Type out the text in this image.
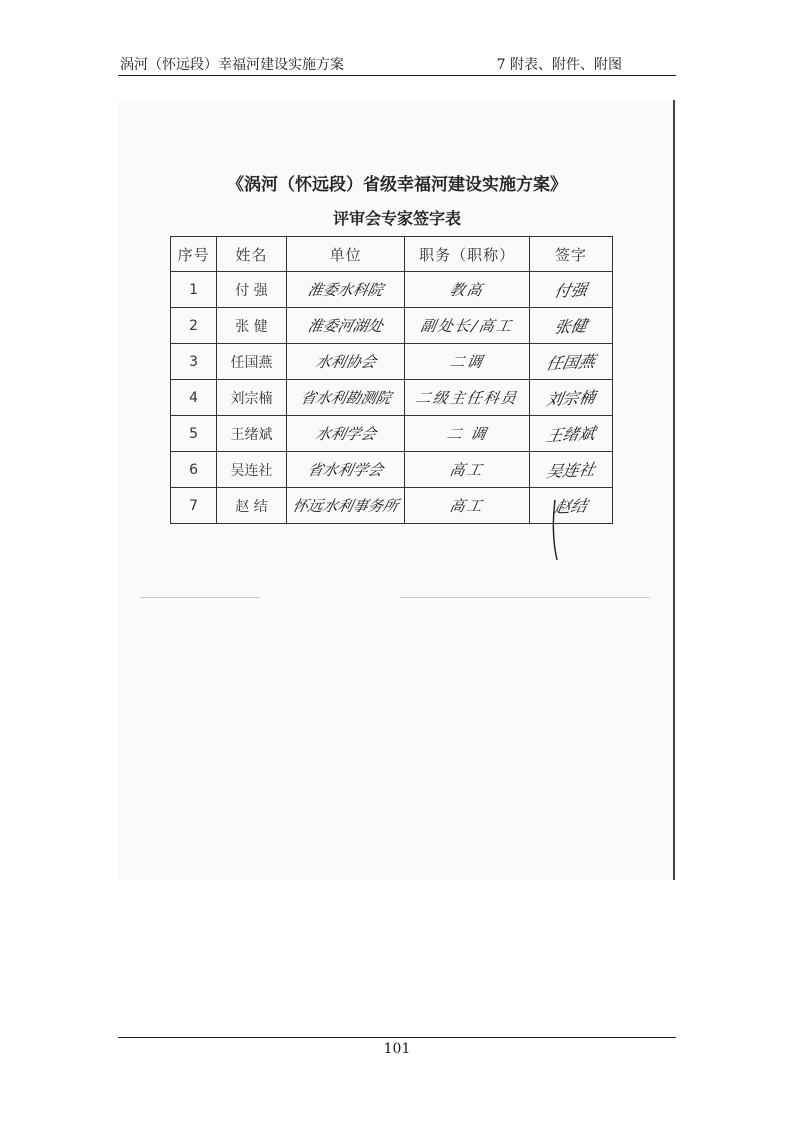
涡河（怀远段）幸福河建设实施方案	7 附表、附件、附图
《涡河（怀远段）省级幸福河建设实施方案》
评审会专家签字表
序号	姓名	单位	职务（职称）	签字
1	付 强	淮委水科院	教高	付强
2	张 健	淮委河湖处	副处长/高工	张健
3	任国燕	水利协会	二调	任国燕
4	刘宗楠	省水利勘测院	二级主任科员	刘宗楠
5	王绪斌	水利学会	二 调	王绪斌
6	吴连社	省水利学会	高工	吴连社
7	赵 结	怀远水利事务所	高工	赵结
101
